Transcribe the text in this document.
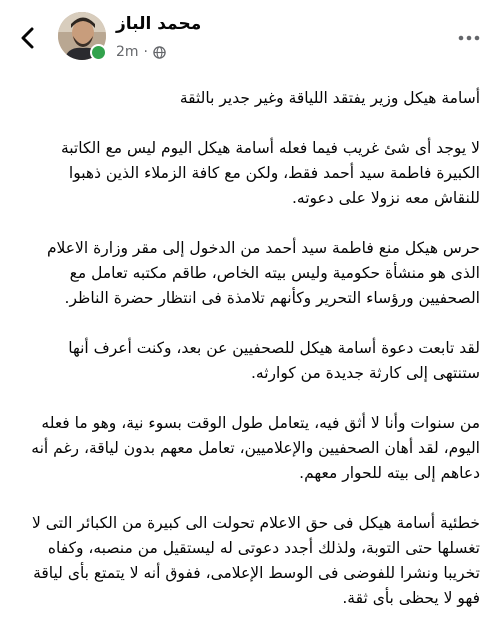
محمد الباز
2m ·

أسامة هيكل وزير يفتقد اللياقة وغير جدير بالثقة

لا يوجد أى شئ غريب فيما فعله أسامة هيكل اليوم ليس مع الكاتبة الكبيرة فاطمة سيد أحمد فقط، ولكن مع كافة الزملاء الذين ذهبوا للنقاش معه نزولا على دعوته.

حرس هيكل منع فاطمة سيد أحمد من الدخول إلى مقر وزارة الاعلام الذى هو منشأة حكومية وليس بيته الخاص، طاقم مكتبه تعامل مع الصحفيين ورؤساء التحرير وكأنهم تلامذة فى انتظار حضرة الناظر.

لقد تابعت دعوة أسامة هيكل للصحفيين عن بعد، وكنت أعرف أنها ستنتهى إلى كارثة جديدة من كوارثه.

من سنوات وأنا لا أثق فيه، يتعامل طول الوقت بسوء نية، وهو ما فعله اليوم، لقد أهان الصحفيين والإعلاميين، تعامل معهم بدون لياقة، رغم أنه دعاهم إلى بيته للحوار معهم.

خطئية أسامة هيكل فى حق الاعلام تحولت الى كبيرة من الكبائر التى لا تغسلها حتى التوبة، ولذلك أجدد دعوتى له ليستقيل من منصبه، وكفاه تخريبا ونشرا للفوضى فى الوسط الإعلامى، ففوق أنه لا يتمتع بأى لياقة فهو لا يحظى بأى ثقة.
